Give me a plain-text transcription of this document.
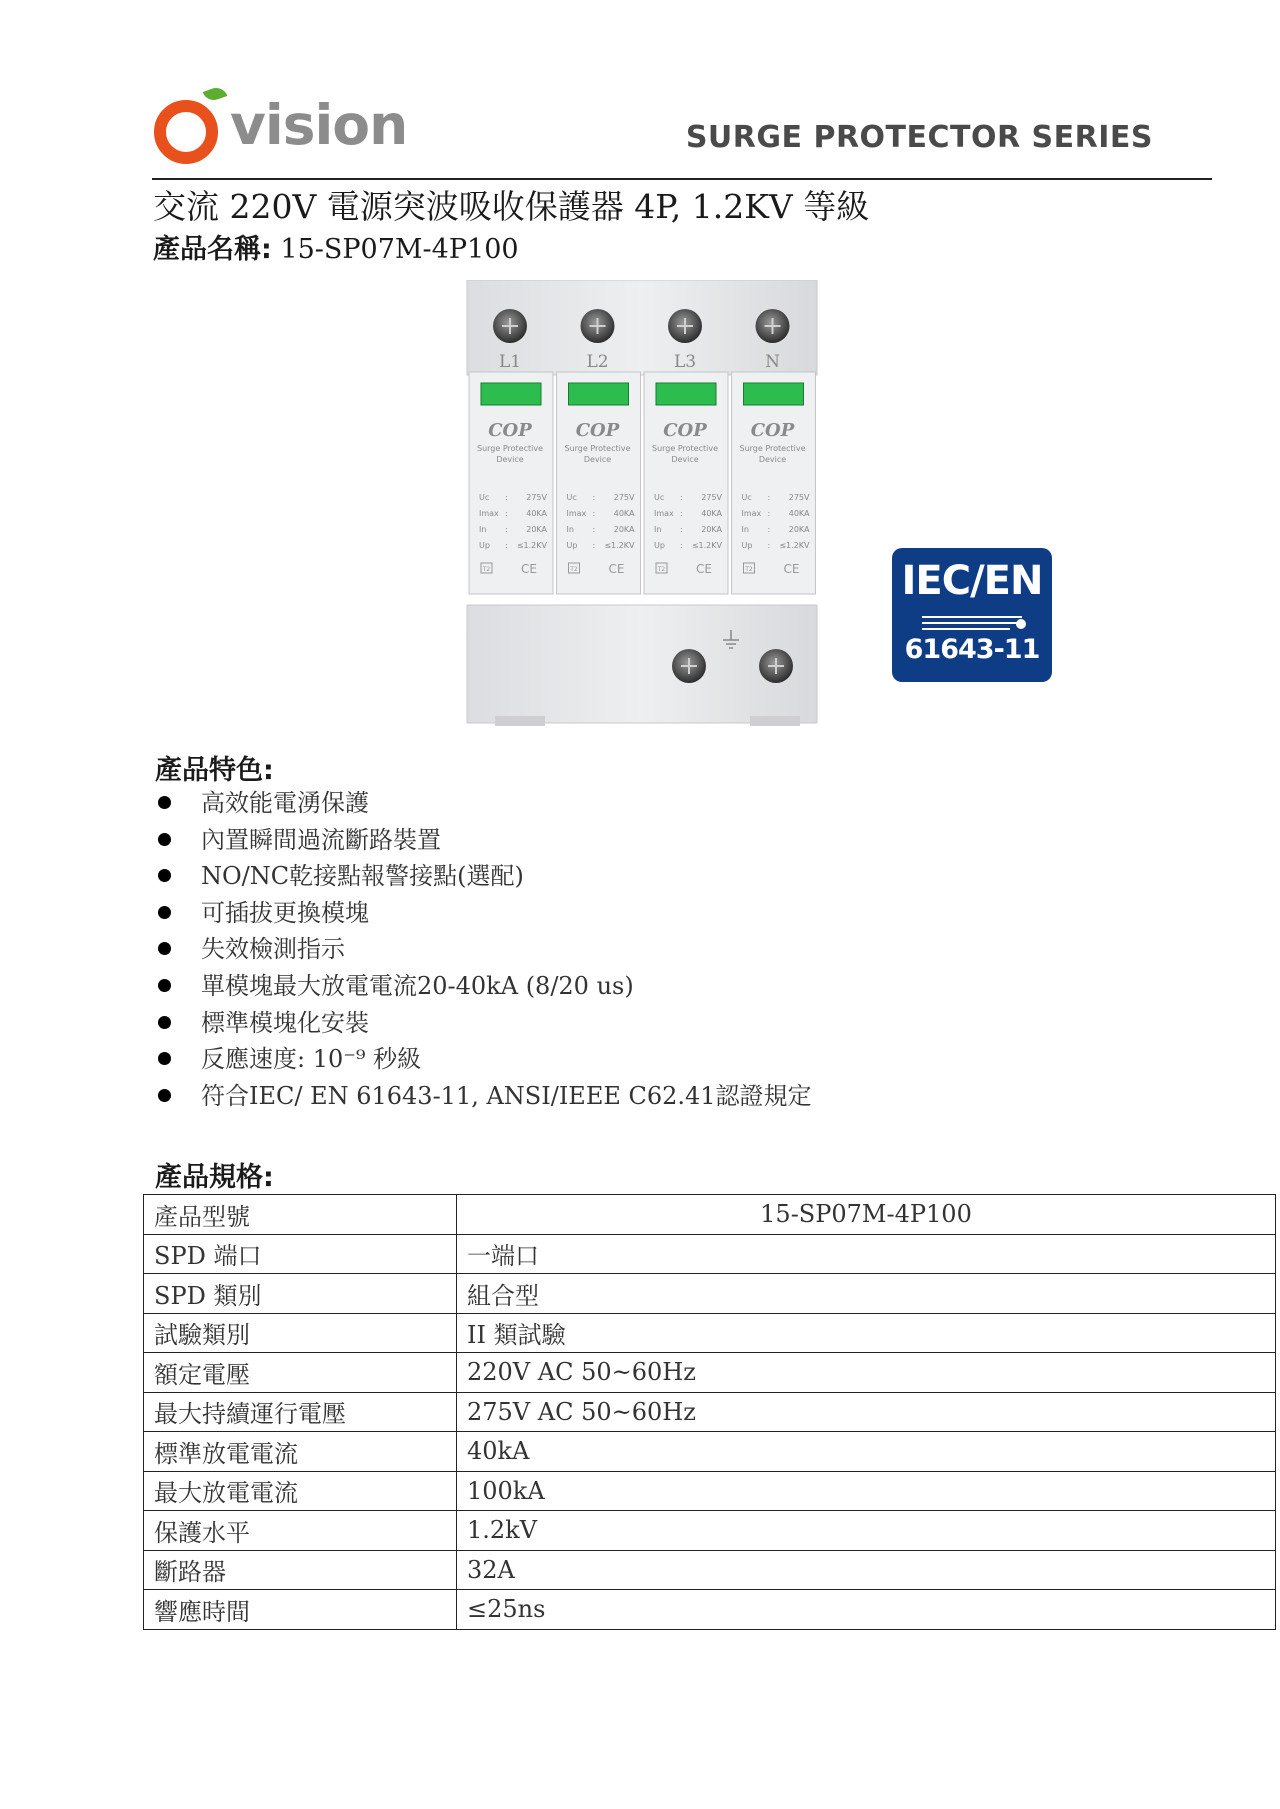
vision	SURGE PROTECTOR SERIES
交流 220V 電源突波吸收保護器 4P, 1.2KV 等級
產品名稱: 15-SP07M-4P100
L1
COP
Surge Protective
Device
Uc : 275V
Imax : 40KA
In : 20KA
Up : ≤1.2KV
T2	CE
L2
COP
Surge Protective
Device
Uc : 275V
Imax : 40KA
In : 20KA
Up : ≤1.2KV
T2	CE
L3
COP
Surge Protective
Device
Uc : 275V
Imax : 40KA
In : 20KA
Up : ≤1.2KV
T2	CE
N
COP
Surge Protective
Device
Uc : 275V
Imax : 40KA
In : 20KA
Up : ≤1.2KV
T2	CE	IEC/EN
61643-11
產品特色:
高效能電湧保護
內置瞬間過流斷路裝置
NO/NC乾接點報警接點(選配)
可插拔更換模塊
失效檢測指示
單模塊最大放電電流20-40kA (8/20 us)
標準模塊化安裝
反應速度: 10⁻⁹ 秒級
符合IEC/ EN 61643-11, ANSI/IEEE C62.41認證規定
產品規格:
產品型號	15-SP07M-4P100
SPD 端口	一端口
SPD 類別	組合型
試驗類別	II 類試驗
額定電壓	220V AC 50~60Hz
最大持續運行電壓	275V AC 50~60Hz
標準放電電流	40kA
最大放電電流	100kA
保護水平	1.2kV
斷路器	32A
響應時間	≤25ns
